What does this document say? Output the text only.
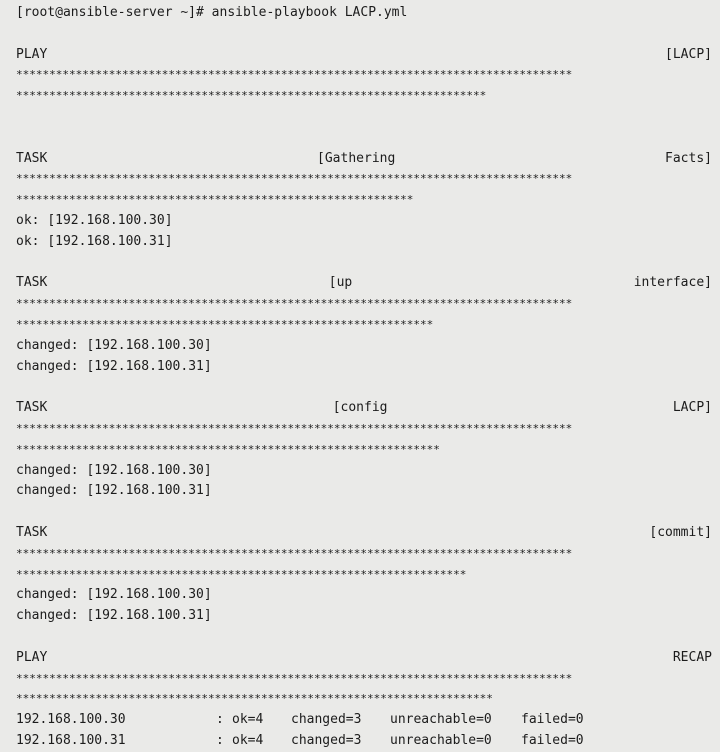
[root@ansible-server ~]# ansible-playbook LACP.yml
PLAY	[LACP]
************************************************************************************
***********************************************************************
TASK	[Gathering	Facts]
************************************************************************************
************************************************************
ok: [192.168.100.30]
ok: [192.168.100.31]
TASK	[up	interface]
************************************************************************************
***************************************************************
changed: [192.168.100.30]
changed: [192.168.100.31]
TASK	[config	LACP]
************************************************************************************
****************************************************************
changed: [192.168.100.30]
changed: [192.168.100.31]
TASK	[commit]
************************************************************************************
********************************************************************
changed: [192.168.100.30]
changed: [192.168.100.31]
PLAY	RECAP
************************************************************************************
************************************************************************
192.168.100.30	: ok=4	changed=3	unreachable=0	failed=0
192.168.100.31	: ok=4	changed=3	unreachable=0	failed=0
